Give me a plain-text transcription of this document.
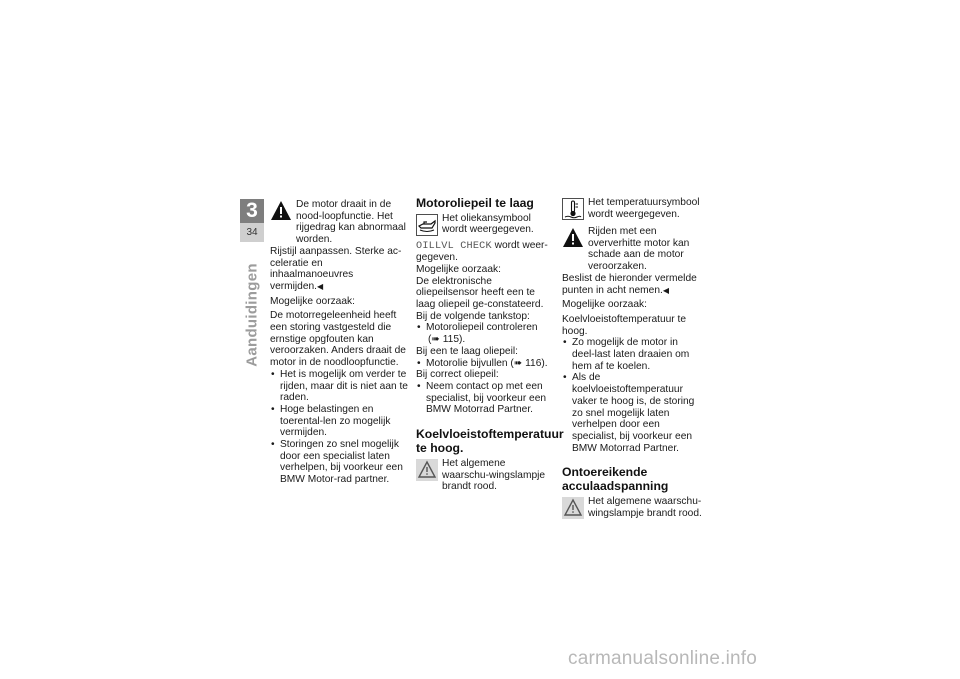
3
34
Aanduidingen

De motor draait in de nood-loopfunctie. Het rijgedrag kan abnormaal worden.

Rijstijl aanpassen. Sterke ac-celeratie en inhaalmanoeuvres vermijden.◀

Mogelijke oorzaak:

De motorregeleenheid heeft een storing vastgesteld die ernstige opgfouten kan veroorzaken. Anders draait de motor in de noodloopfunctie.

• Het is mogelijk om verder te rijden, maar dit is niet aan te raden.
• Hoge belastingen en toerental-len zo mogelijk vermijden.
• Storingen zo snel mogelijk door een specialist laten verhelpen, bij voorkeur een BMW Motor-rad partner.
Motoroliepeil te laag

Het oliekansymbool wordt weergegeven.

OILLVL CHECK wordt weer-gegeven.

Mogelijke oorzaak:

De elektronische oliepeilsensor heeft een te laag oliepeil ge-constateerd. Bij de volgende tankstop:

• Motoroliepeil controleren
(➠ 115).

Bij een te laag oliepeil:

• Motorolie bijvullen (➠ 116).

Bij correct oliepeil:

• Neem contact op met een specialist, bij voorkeur een BMW Motorrad Partner.
Koelvloeistoftemperatuur te hoog.

Het algemene waarschu-wingslampje brandt rood.

Het temperatuursymbool wordt weergegeven.

Rijden met een oververhitte motor kan schade aan de motor veroorzaken.

Beslist de hieronder vermelde punten in acht nemen.◀

Mogelijke oorzaak:

Koelvloeistoftemperatuur te hoog.

• Zo mogelijk de motor in deel-last laten draaien om hem af te koelen.
• Als de koelvloeistoftemperatuur vaker te hoog is, de storing zo snel mogelijk laten verhelpen door een specialist, bij voorkeur een BMW Motorrad Partner.
Ontoereikende acculaadspanning

Het algemene waarschu-wingslampje brandt rood.

carmanualsonline.info
